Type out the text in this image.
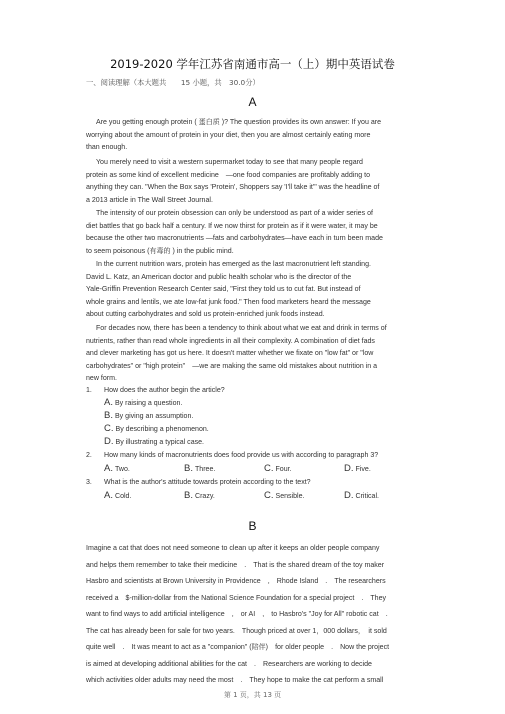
2019-2020 学年江苏省南通市高一（上）期中英语试卷
一、阅读理解（本大题共　　15 小题，共　30.0分）
A
Are you getting enough protein ( 蛋白质 )? The question provides its own answer: If you are
worrying about the amount of protein in your diet, then you are almost certainly eating more
than enough.
You merely need to visit a western supermarket today to see that many people regard
protein as some kind of excellent medicine　—one food companies are profitably adding to
anything they can. "When the Box says 'Protein', Shoppers say 'I'll take it'" was the headline of
a 2013 article in The Wall Street Journal.
The intensity of our protein obsession can only be understood as part of a wider series of
diet battles that go back half a century. If we now thirst for protein as if it were water, it may be
because the other two macronutrients —fats and carbohydrates—have each in turn been made
to seem poisonous (有毒的 ) in the public mind.
In the current nutrition wars, protein has emerged as the last macronutrient left standing.
David L. Katz, an American doctor and public health scholar who is the director of the
Yale-Griffin Prevention Research Center said, "First they told us to cut fat. But instead of
whole grains and lentils, we ate low-fat junk food." Then food marketers heard the message
about cutting carbohydrates and sold us protein-enriched junk foods instead.
For decades now, there has been a tendency to think about what we eat and drink in terms of
nutrients, rather than read whole ingredients in all their complexity. A combination of diet fads
and clever marketing has got us here. It doesn't matter whether we fixate on "low fat" or "low
carbohydrates" or "high protein"　—we are making the same old mistakes about nutrition in a
new form.
1. How does the author begin the article?
A. By raising a question.
B. By giving an assumption.
C. By describing a phenomenon.
D. By illustrating a typical case.
2. How many kinds of macronutrients does food provide us with according to paragraph 3?
A. Two.	B. Three.	C. Four.	D. Five.
3. What is the author's attitude towards protein according to the text?
A. Cold.	B. Crazy.	C. Sensible.	D. Critical.
B
Imagine a cat that does not need someone to clean up after it keeps an older people company
and helps them remember to take their medicine　.　That is the shared dream of the toy maker
Hasbro and scientists at Brown University in Providence　,　Rhode Island　.　The researchers
received a　$-million-dollar from the National Science Foundation for a special project　.　They
want to find ways to add artificial intelligence　,　or AI　,　to Hasbro's "Joy for All" robotic cat　.
The cat has already been for sale for two years.　Though priced at over 1，000 dollars，　it sold
quite well　.　It was meant to act as a "companion" (陪伴)　for older people　.　Now the project
is aimed at developing additional abilities for the cat　.　Researchers are working to decide
which activities older adults may need the most　.　They hope to make the cat perform a small
第 1 页，共 13 页
